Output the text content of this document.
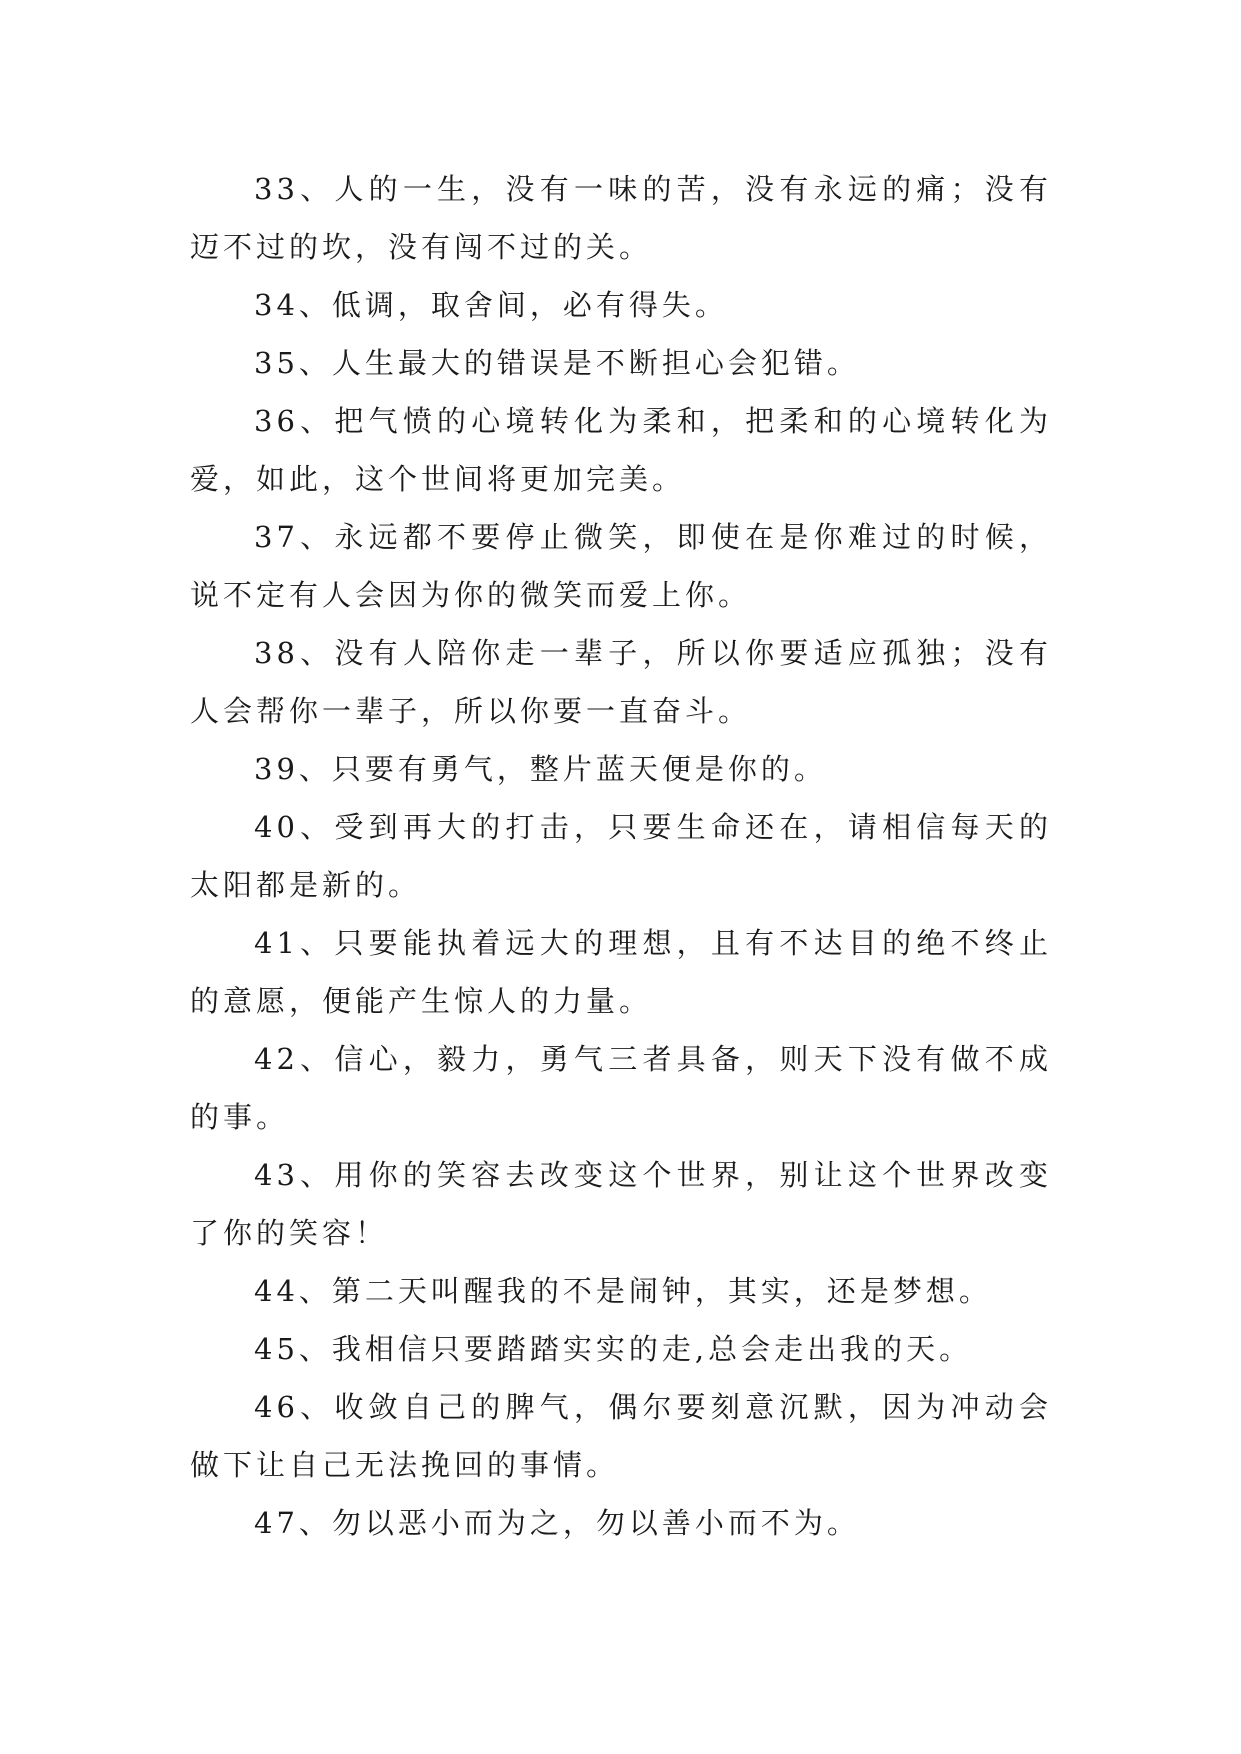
33、人的一生，没有一味的苦，没有永远的痛；没有迈不过的坎，没有闯不过的关。

34、低调，取舍间，必有得失。

35、人生最大的错误是不断担心会犯错。

36、把气愤的心境转化为柔和，把柔和的心境转化为爱，如此，这个世间将更加完美。

37、永远都不要停止微笑，即使在是你难过的时候，说不定有人会因为你的微笑而爱上你。

38、没有人陪你走一辈子，所以你要适应孤独；没有人会帮你一辈子，所以你要一直奋斗。

39、只要有勇气，整片蓝天便是你的。

40、受到再大的打击，只要生命还在，请相信每天的太阳都是新的。

41、只要能执着远大的理想，且有不达目的绝不终止的意愿，便能产生惊人的力量。

42、信心，毅力，勇气三者具备，则天下没有做不成的事。

43、用你的笑容去改变这个世界，别让这个世界改变了你的笑容！

44、第二天叫醒我的不是闹钟，其实，还是梦想。

45、我相信只要踏踏实实的走,总会走出我的天。

46、收敛自己的脾气，偶尔要刻意沉默，因为冲动会做下让自己无法挽回的事情。

47、勿以恶小而为之，勿以善小而不为。
